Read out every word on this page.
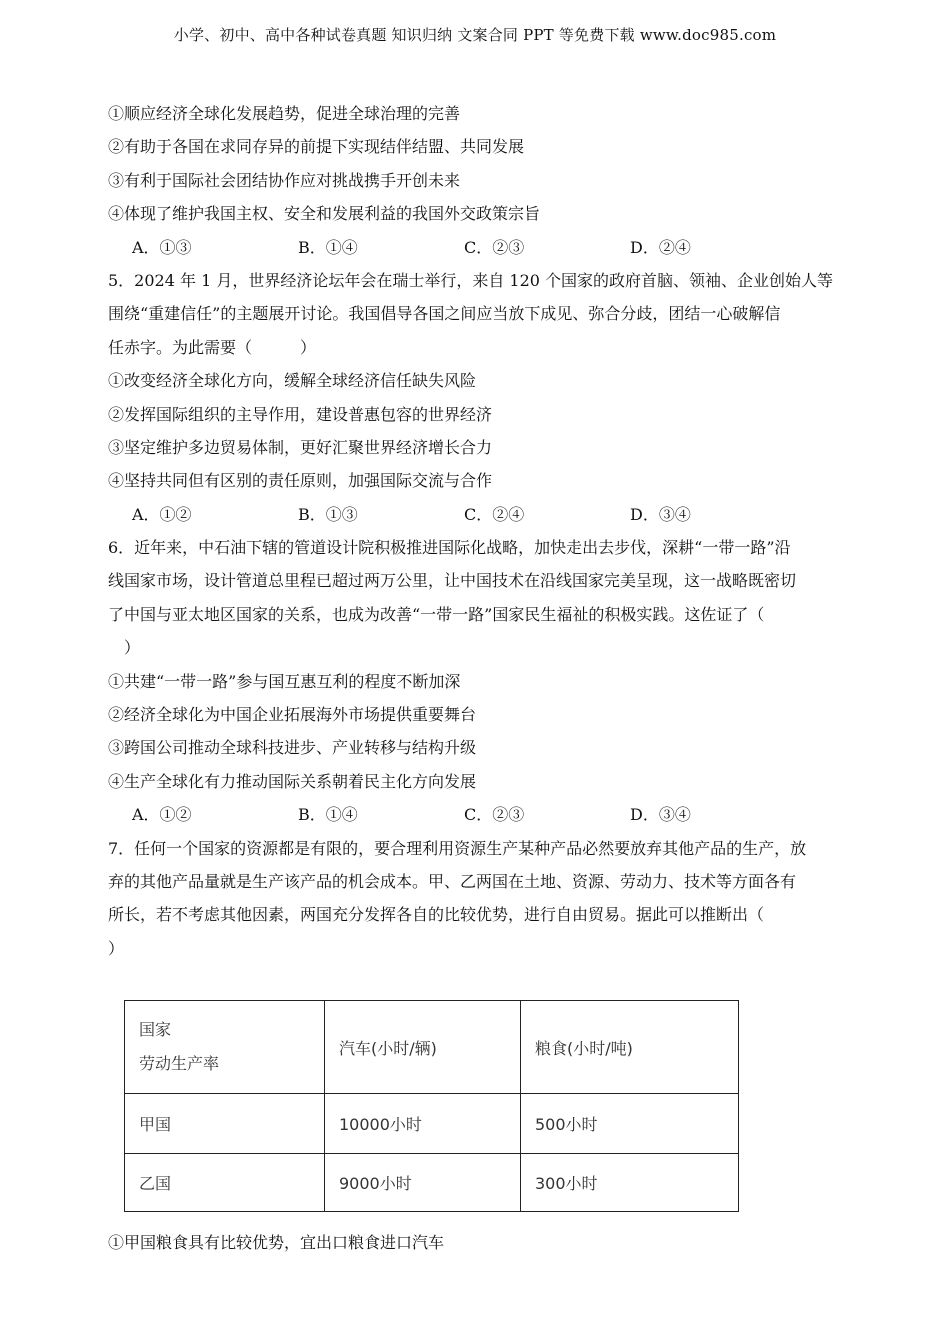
小学、初中、高中各种试卷真题 知识归纳 文案合同 PPT 等免费下载 www.doc985.com
①顺应经济全球化发展趋势，促进全球治理的完善
②有助于各国在求同存异的前提下实现结伴结盟、共同发展
③有利于国际社会团结协作应对挑战携手开创未来
④体现了维护我国主权、安全和发展利益的我国外交政策宗旨
A．①③	B．①④	C．②③	D．②④
5．2024 年 1 月，世界经济论坛年会在瑞士举行，来自 120 个国家的政府首脑、领袖、企业创始人等
围绕“重建信任”的主题展开讨论。我国倡导各国之间应当放下成见、弥合分歧，团结一心破解信
任赤字。为此需要（　　　）
①改变经济全球化方向，缓解全球经济信任缺失风险
②发挥国际组织的主导作用，建设普惠包容的世界经济
③坚定维护多边贸易体制，更好汇聚世界经济增长合力
④坚持共同但有区别的责任原则，加强国际交流与合作
A．①②	B．①③	C．②④	D．③④
6．近年来，中石油下辖的管道设计院积极推进国际化战略，加快走出去步伐，深耕“一带一路”沿
线国家市场，设计管道总里程已超过两万公里，让中国技术在沿线国家完美呈现，这一战略既密切
了中国与亚太地区国家的关系，也成为改善“一带一路”国家民生福祉的积极实践。这佐证了（
　）
①共建“一带一路”参与国互惠互利的程度不断加深
②经济全球化为中国企业拓展海外市场提供重要舞台
③跨国公司推动全球科技进步、产业转移与结构升级
④生产全球化有力推动国际关系朝着民主化方向发展
A．①②	B．①④	C．②③	D．③④
7．任何一个国家的资源都是有限的，要合理利用资源生产某种产品必然要放弃其他产品的生产，放
弃的其他产品量就是生产该产品的机会成本。甲、乙两国在土地、资源、劳动力、技术等方面各有
所长，若不考虑其他因素，两国充分发挥各自的比较优势，进行自由贸易。据此可以推断出（
）
国家
劳动生产率	汽车(小时/辆)	粮食(小时/吨)
甲国	10000小时	500小时
乙国	9000小时	300小时
①甲国粮食具有比较优势，宜出口粮食进口汽车
